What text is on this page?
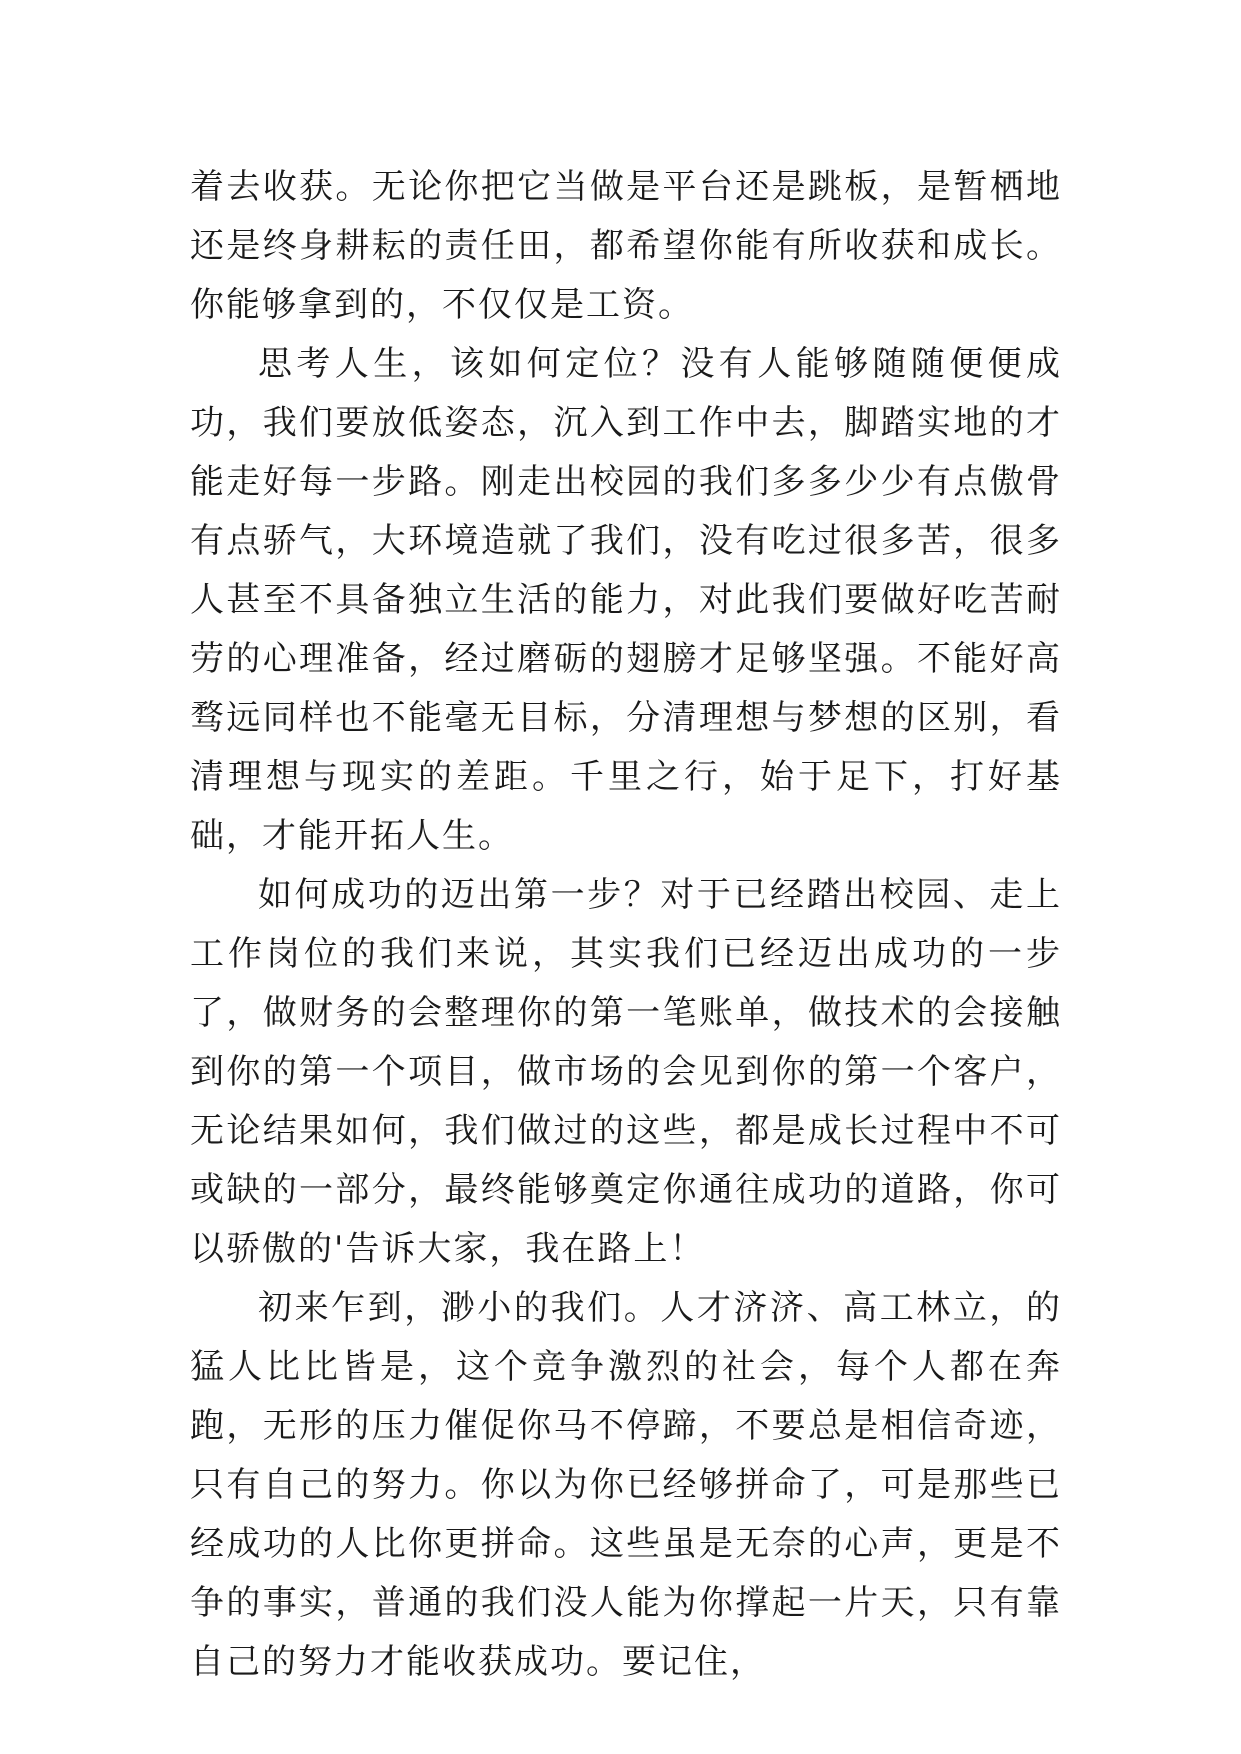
着去收获。无论你把它当做是平台还是跳板，是暂栖地还是终身耕耘的责任田，都希望你能有所收获和成长。你能够拿到的，不仅仅是工资。

思考人生，该如何定位？没有人能够随随便便成功，我们要放低姿态，沉入到工作中去，脚踏实地的才能走好每一步路。刚走出校园的我们多多少少有点傲骨有点骄气，大环境造就了我们，没有吃过很多苦，很多人甚至不具备独立生活的能力，对此我们要做好吃苦耐劳的心理准备，经过磨砺的翅膀才足够坚强。不能好高骛远同样也不能毫无目标，分清理想与梦想的区别，看清理想与现实的差距。千里之行，始于足下，打好基础，才能开拓人生。

如何成功的迈出第一步？对于已经踏出校园、走上工作岗位的我们来说，其实我们已经迈出成功的一步了，做财务的会整理你的第一笔账单，做技术的会接触到你的第一个项目，做市场的会见到你的第一个客户，无论结果如何，我们做过的这些，都是成长过程中不可或缺的一部分，最终能够奠定你通往成功的道路，你可以骄傲的'告诉大家，我在路上！

初来乍到，渺小的我们。人才济济、高工林立，的猛人比比皆是，这个竞争激烈的社会，每个人都在奔跑，无形的压力催促你马不停蹄，不要总是相信奇迹，只有自己的努力。你以为你已经够拼命了，可是那些已经成功的人比你更拼命。这些虽是无奈的心声，更是不争的事实，普通的我们没人能为你撑起一片天，只有靠自己的努力才能收获成功。要记住，
